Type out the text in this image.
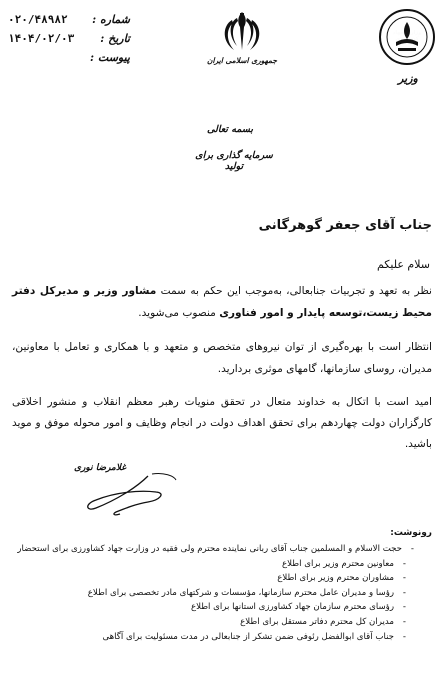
شماره :
۰۲۰/۴۸۹۸۲
تاریخ :
۱۴۰۴/۰۲/۰۳
پیوست :	جمهوری اسلامی ایران
وزیر
بسمه تعالی
سرمایه گذاری برای تولید
جناب آقای جعفر گوهرگانی
سلام علیکم
نظر به تعهد و تجربیات جنابعالی، به‌موجب این حکم به سمت مشاور وزیر و مدیرکل دفتر محیط زیست،توسعه پایدار و امور فناوری منصوب می‌شوید.
انتظار است با بهره‌گیری از توان نیروهای متخصص و متعهد و با همکاری و تعامل با معاونین، مدیران، روسای سازمانها، گامهای موثری بردارید.
امید است با اتکال به خداوند متعال در تحقق منویات رهبر معظم انقلاب و منشور اخلاقی کارگزاران دولت چهاردهم برای تحقق اهداف دولت در انجام وظایف و امور محوله موفق و موید باشید.
غلامرضا نوری
رونوشت:
-
حجت الاسلام و المسلمین جناب آقای ربانی نماینده محترم ولی فقیه در وزارت جهاد کشاورزی برای استحضار
-
معاونین محترم وزیر برای اطلاع
-
مشاوران محترم وزیر برای اطلاع
-
رؤسا و مدیران عامل محترم سازمانها، مؤسسات و شرکتهای مادر تخصصی برای اطلاع
-
رؤسای محترم سازمان جهاد کشاورزی استانها برای اطلاع
-
مدیران کل محترم دفاتر مستقل برای اطلاع
-
جناب آقای ابوالفضل رئوفی ضمن تشکر از جنابعالی در مدت مسئولیت برای آگاهی
